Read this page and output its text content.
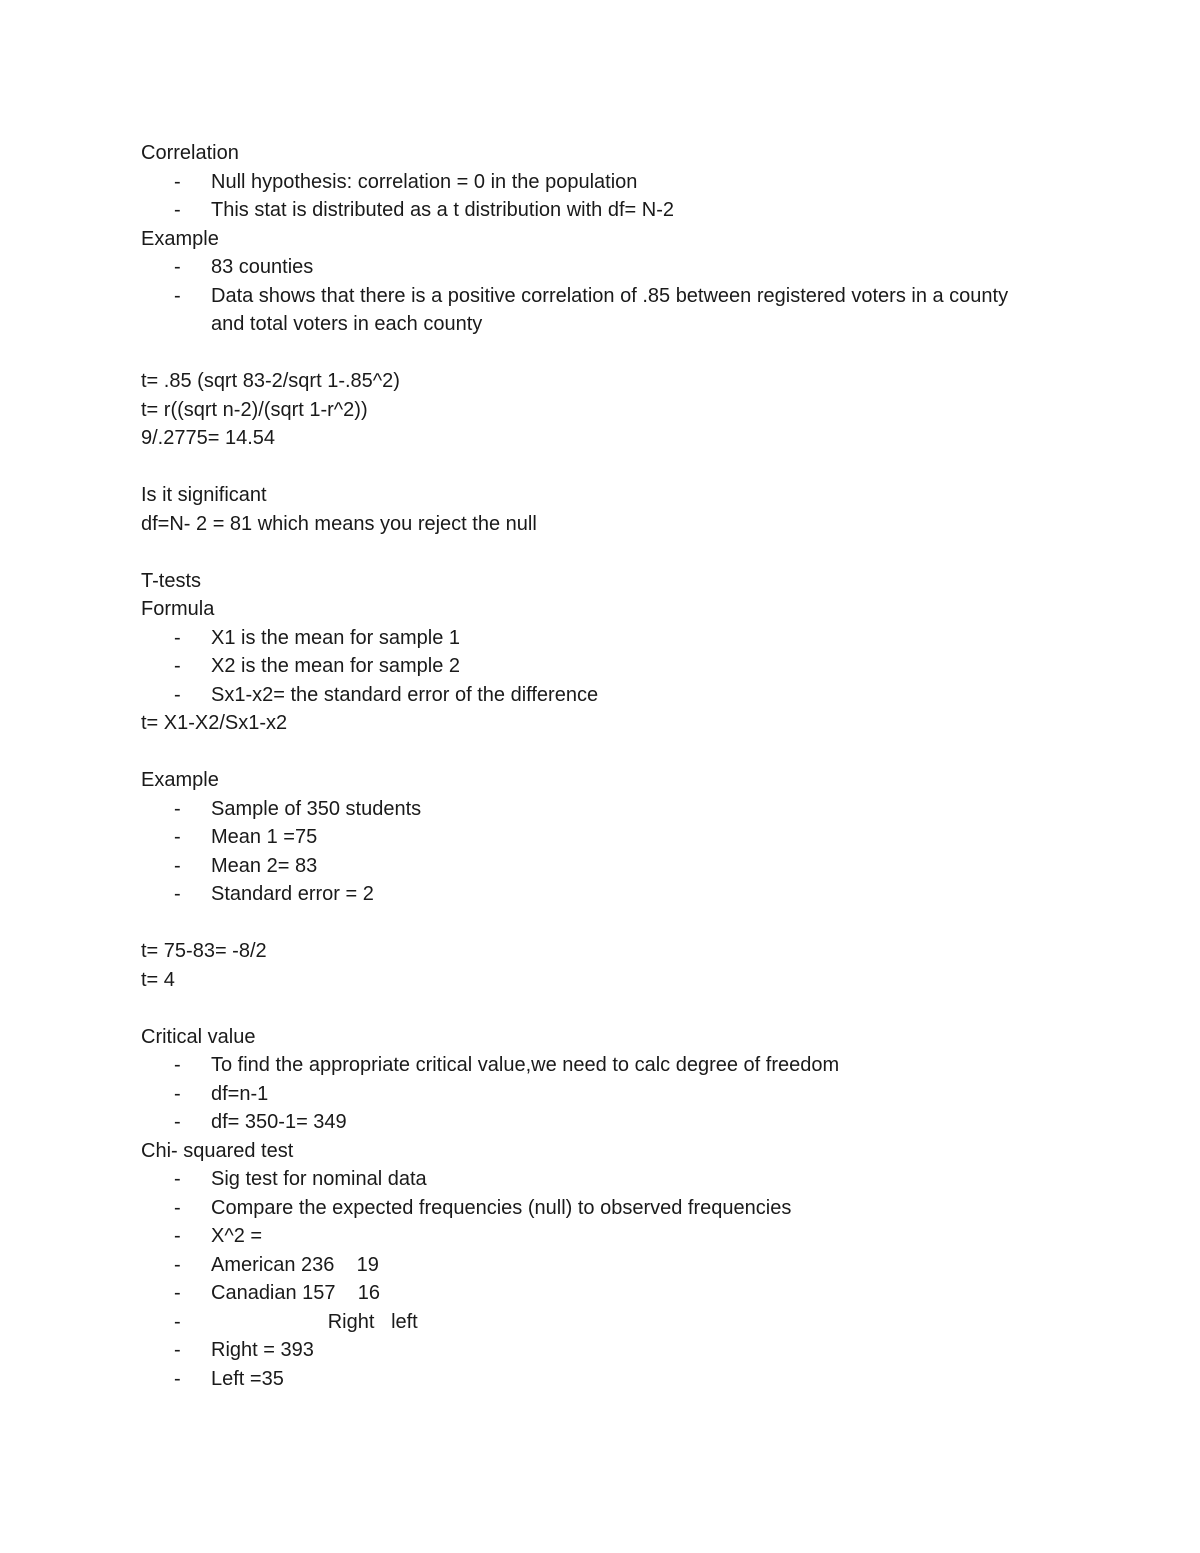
Correlation
- Null hypothesis: correlation = 0 in the population
- This stat is distributed as a t distribution with df= N-2
Example
- 83 counties
- Data shows that there is a positive correlation of .85 between registered voters in a county and total voters in each county
t= .85 (sqrt 83-2/sqrt 1-.85^2)
t= r((sqrt n-2)/(sqrt 1-r^2))
9/.2775= 14.54
Is it significant
df=N- 2 = 81 which means you reject the null
T-tests
Formula
- X1 is the mean for sample 1
- X2 is the mean for sample 2
- Sx1-x2= the standard error of the difference
t= X1-X2/Sx1-x2
Example
- Sample of 350 students
- Mean 1 =75
- Mean 2= 83
- Standard error = 2
t= 75-83= -8/2
t= 4
Critical value
- To find the appropriate critical value,we need to calc degree of freedom
- df=n-1
- df= 350-1= 349
Chi- squared test
- Sig test for nominal data
- Compare the expected frequencies (null) to observed frequencies
- X^2 =
- American 236    19
- Canadian 157    16
- Right   left
- Right = 393
- Left =35
